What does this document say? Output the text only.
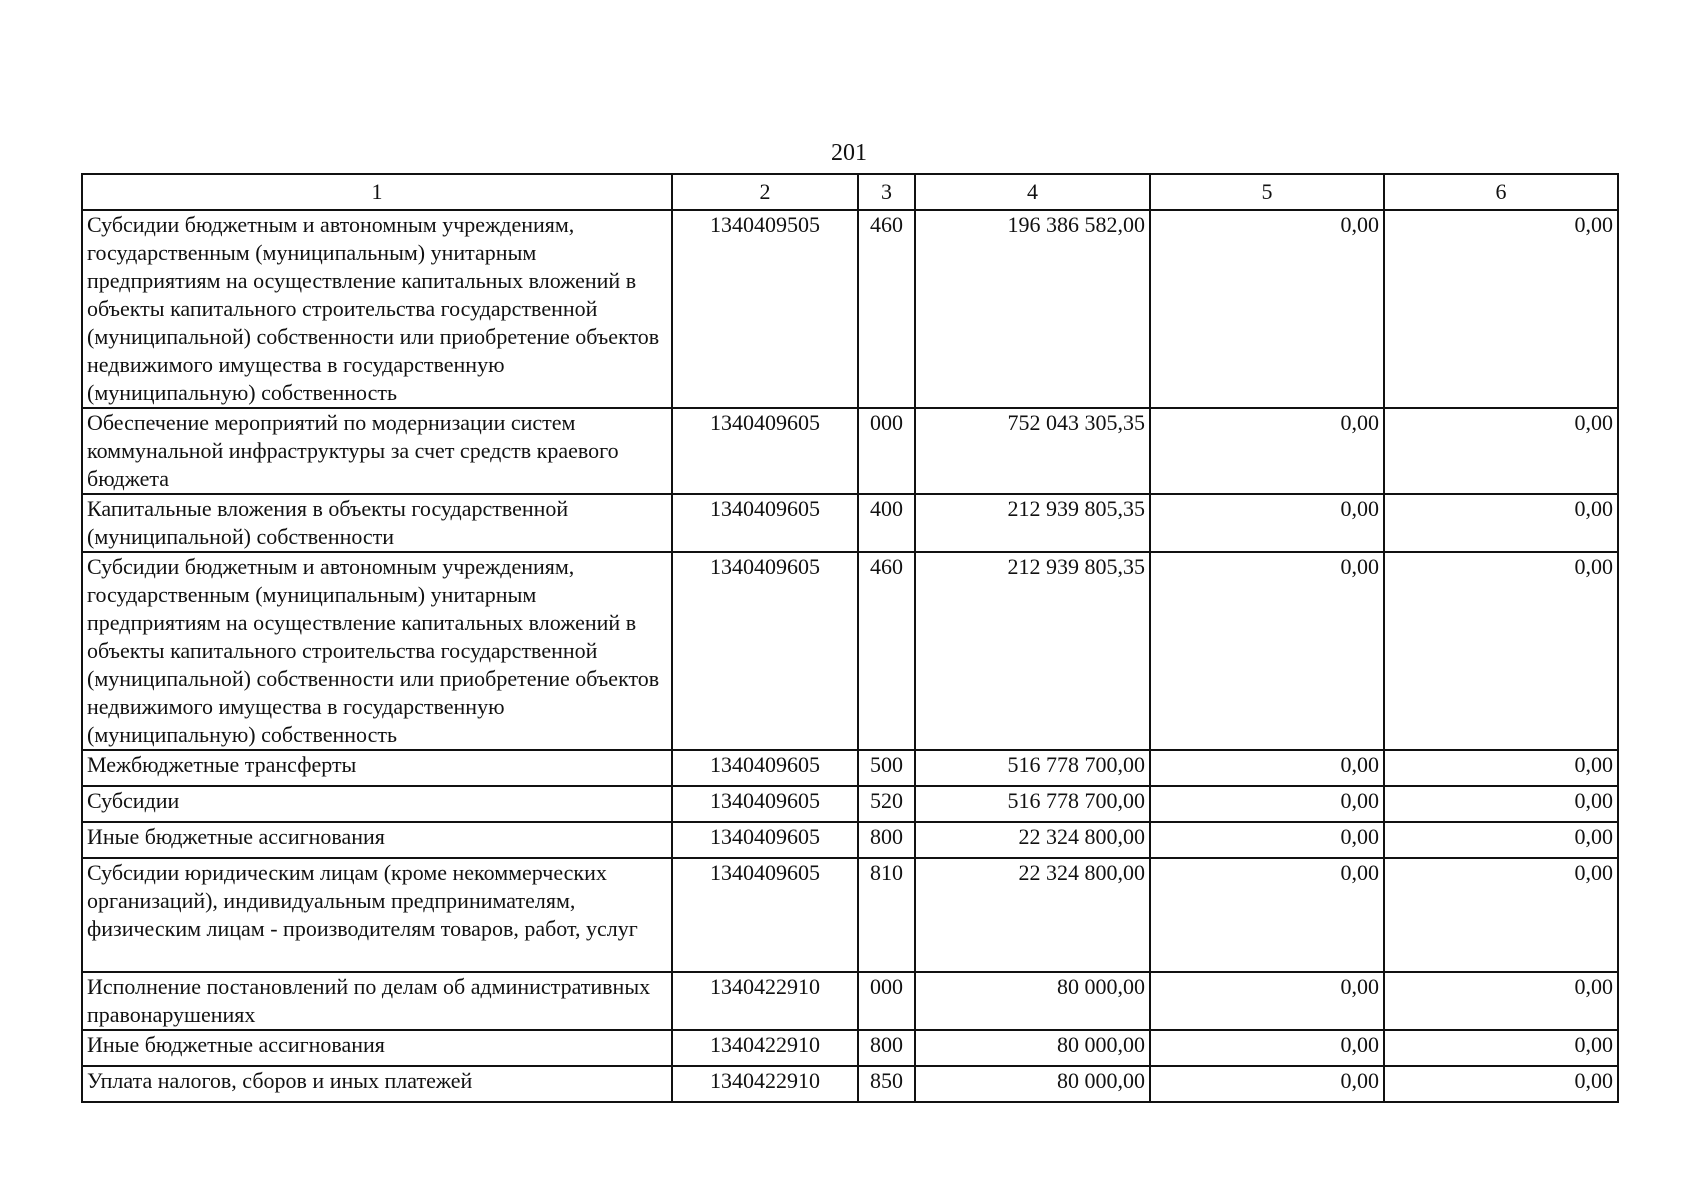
201
1	2	3	4	5	6
Субсидии бюджетным и автономным учреждениям, государственным (муниципальным) унитарным предприятиям на осуществление капитальных вложений в объекты капитального строительства государственной (муниципальной) собственности или приобретение объектов недвижимого имущества в государственную (муниципальную) собственность	1340409505	460	196 386 582,00	0,00	0,00
Обеспечение мероприятий по модернизации систем коммунальной инфраструктуры за счет средств краевого бюджета	1340409605	000	752 043 305,35	0,00	0,00
Капитальные вложения в объекты государственной (муниципальной) собственности	1340409605	400	212 939 805,35	0,00	0,00
Субсидии бюджетным и автономным учреждениям, государственным (муниципальным) унитарным предприятиям на осуществление капитальных вложений в объекты капитального строительства государственной (муниципальной) собственности или приобретение объектов недвижимого имущества в государственную (муниципальную) собственность	1340409605	460	212 939 805,35	0,00	0,00
Межбюджетные трансферты	1340409605	500	516 778 700,00	0,00	0,00
Субсидии	1340409605	520	516 778 700,00	0,00	0,00
Иные бюджетные ассигнования	1340409605	800	22 324 800,00	0,00	0,00
Субсидии юридическим лицам (кроме некоммерческих организаций), индивидуальным предпринимателям, физическим лицам - производителям товаров, работ, услуг	1340409605	810	22 324 800,00	0,00	0,00
Исполнение постановлений по делам об административных правонарушениях	1340422910	000	80 000,00	0,00	0,00
Иные бюджетные ассигнования	1340422910	800	80 000,00	0,00	0,00
Уплата налогов, сборов и иных платежей	1340422910	850	80 000,00	0,00	0,00
